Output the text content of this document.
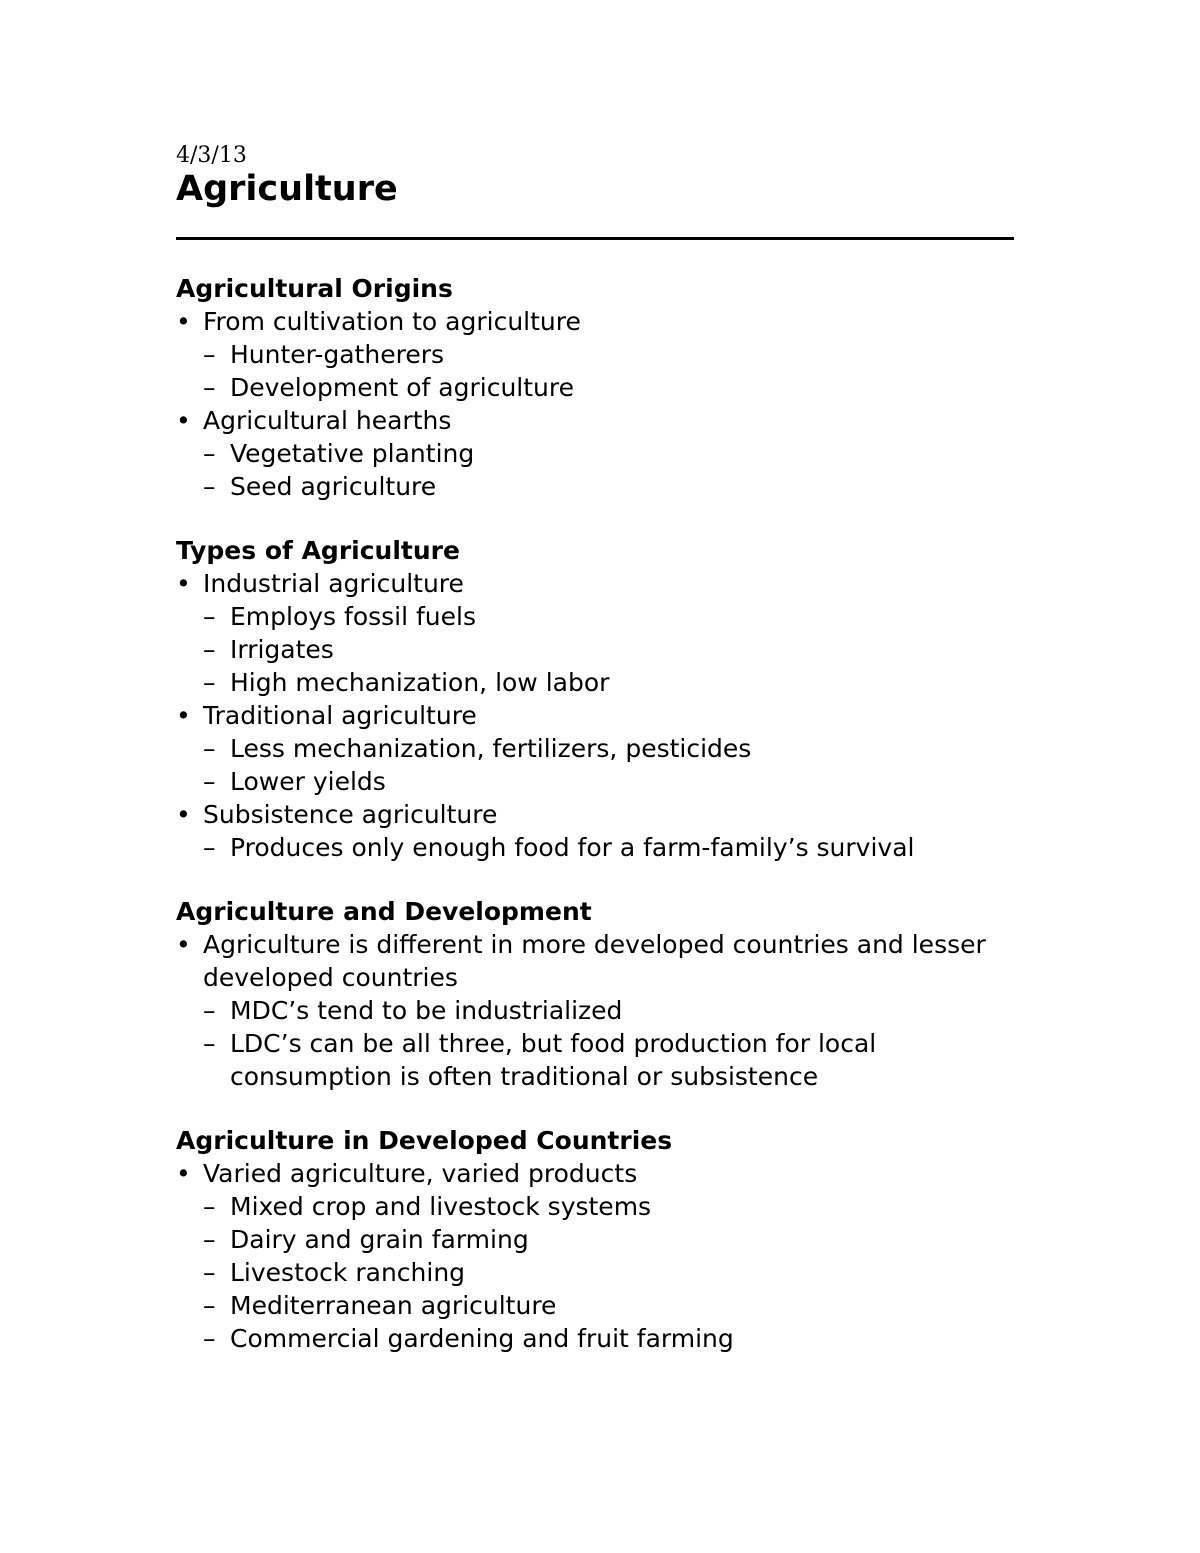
4/3/13
Agriculture
Agricultural Origins
• From cultivation to agriculture
– Hunter-gatherers
– Development of agriculture
• Agricultural hearths
– Vegetative planting
– Seed agriculture
Types of Agriculture
• Industrial agriculture
– Employs fossil fuels
– Irrigates
– High mechanization, low labor
• Traditional agriculture
– Less mechanization, fertilizers, pesticides
– Lower yields
• Subsistence agriculture
– Produces only enough food for a farm-family’s survival
Agriculture and Development
• Agriculture is different in more developed countries and lesser developed countries
– MDC’s tend to be industrialized
– LDC’s can be all three, but food production for local consumption is often traditional or subsistence
Agriculture in Developed Countries
• Varied agriculture, varied products
– Mixed crop and livestock systems
– Dairy and grain farming
– Livestock ranching
– Mediterranean agriculture
– Commercial gardening and fruit farming
